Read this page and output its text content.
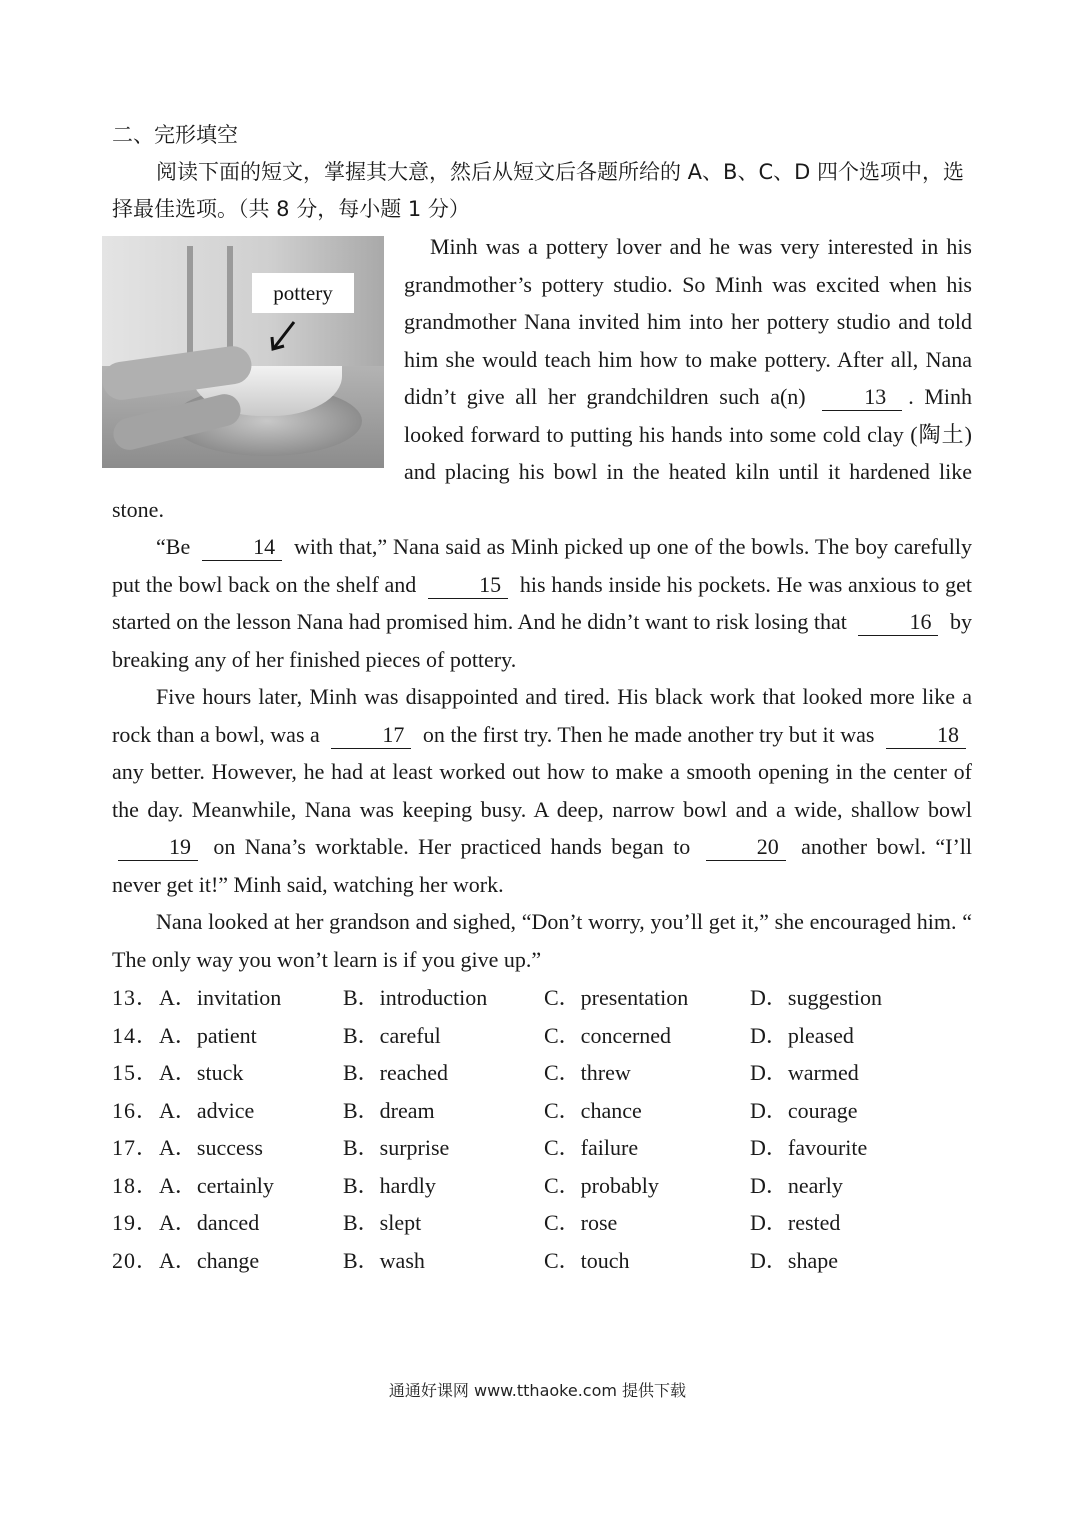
二、完形填空

阅读下面的短文，掌握其大意，然后从短文后各题所给的 A、B、C、D 四个选项中，选择最佳选项。（共 8 分，每小题 1 分）

pottery

Minh was a pottery lover and he was very interested in his grandmother’s pottery studio. So Minh was excited when his grandmother Nana invited him into her pottery studio and told him she would teach him how to make pottery. After all, Nana didn’t give all her grandchildren such a(n)	13 . Minh looked forward to putting his hands into some cold clay (陶土) and placing his bowl in the heated kiln until it hardened like stone.

“Be	14 with that,” Nana said as Minh picked up one of the bowls. The boy carefully put the bowl back on the shelf and	15 his hands inside his pockets. He was anxious to get started on the lesson Nana had promised him. And he didn’t want to risk losing that	16 by breaking any of her finished pieces of pottery.

Five hours later, Minh was disappointed and tired. His black work that looked more like a rock than a bowl, was a	17 on the first try. Then he made another try but it was	18 any better. However, he had at least worked out how to make a smooth opening in the center of the day. Meanwhile, Nana was keeping busy. A deep, narrow bowl and a wide, shallow bowl 19 on Nana’s worktable. Her practiced hands began to	20 another bowl. “I’ll never get it!” Minh said, watching her work.

Nana looked at her grandson and sighed, “Don’t worry, you’ll get it,” she encouraged him. “ The only way you won’t learn is if you give up.”

13．A．invitation	B．introduction	C．presentation	D．suggestion
14．A．patient	B．careful	C．concerned	D．pleased
15．A．stuck	B．reached	C．threw	D．warmed
16．A．advice	B．dream	C．chance	D．courage
17．A．success	B．surprise	C．failure	D．favourite
18．A．certainly	B．hardly	C．probably	D．nearly
19．A．danced	B．slept	C．rose	D．rested
20．A．change	B．wash	C．touch	D．shape
通通好课网 www.tthaoke.com 提供下载
